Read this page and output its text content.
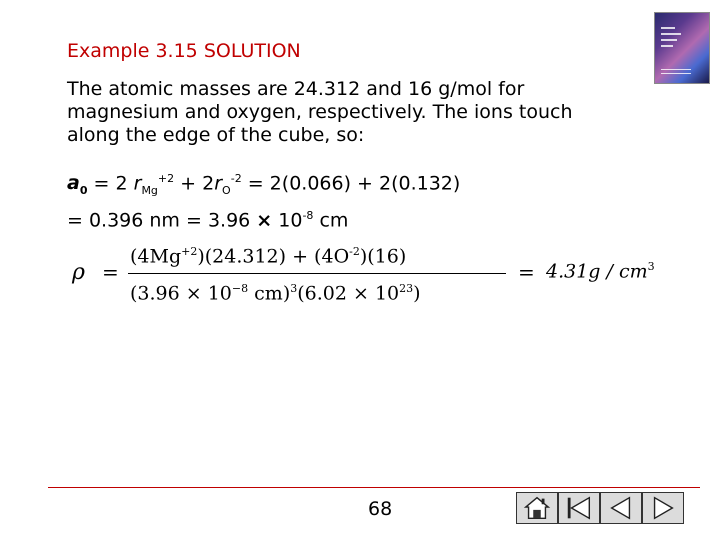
Example 3.15 SOLUTION
The atomic masses are 24.312 and 16 g/mol for magnesium and oxygen, respectively. The ions touch along the edge of the cube, so:
$a_0 = 2$ $r_{Mg}^{+2} + 2r_O^{-2} = 2(0.066) + 2(0.132)$
= 0.396 nm = $3.96 \times 10^{-8}$ cm
ρ =
$(4Mg^{+2})(24.312) + (4O^{-2})(16)$
($3.96 \times 10^{-8}$ $cm)^3(6.02 \times 10^{23})$
= $4.31g / cm^3$
68
